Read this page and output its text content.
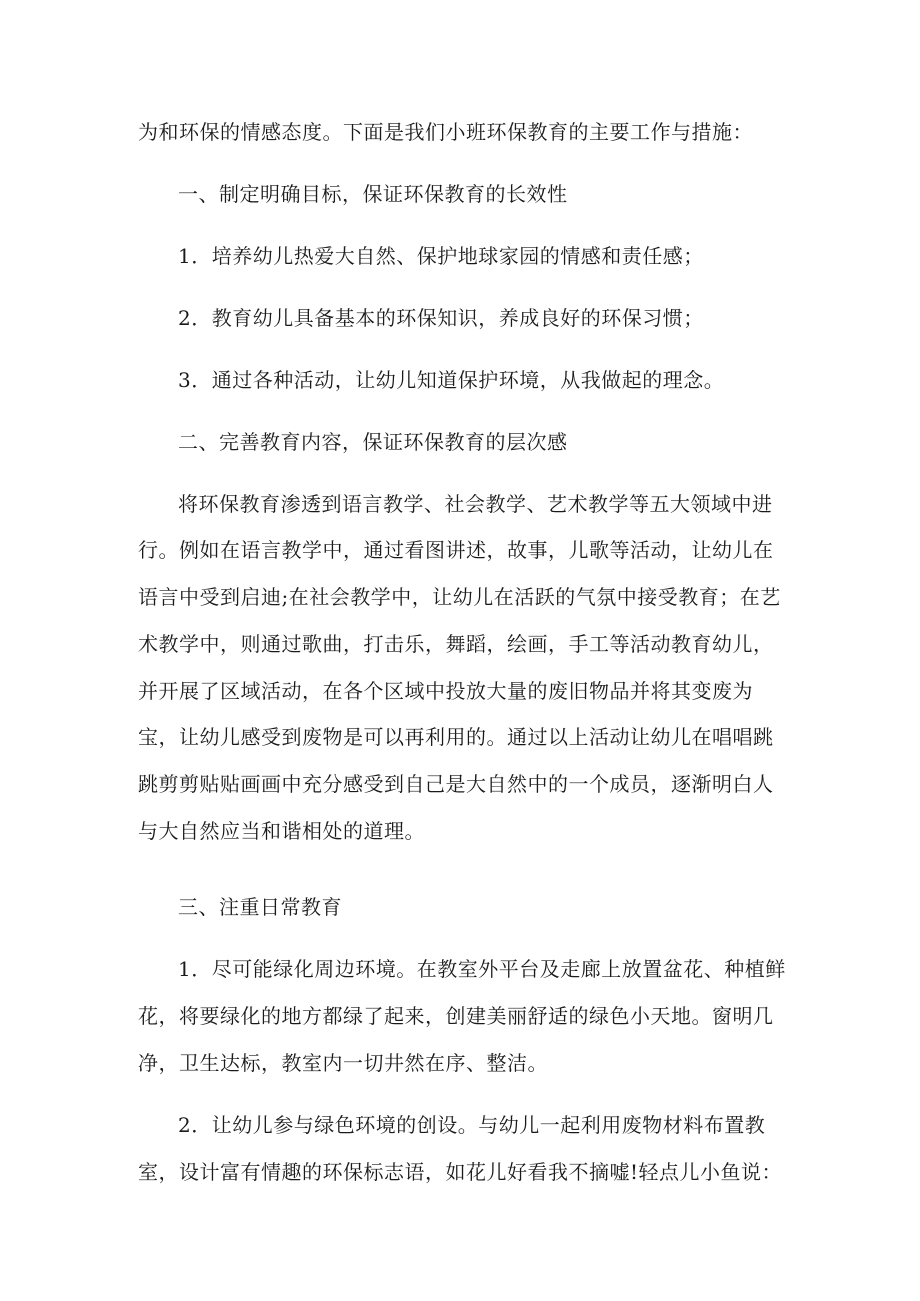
为和环保的情感态度。下面是我们小班环保教育的主要工作与措施：

一、制定明确目标，保证环保教育的长效性

1．培养幼儿热爱大自然、保护地球家园的情感和责任感；

2．教育幼儿具备基本的环保知识，养成良好的环保习惯；

3．通过各种活动，让幼儿知道保护环境，从我做起的理念。

二、完善教育内容，保证环保教育的层次感

将环保教育渗透到语言教学、社会教学、艺术教学等五大领域中进

行。例如在语言教学中，通过看图讲述，故事，儿歌等活动，让幼儿在

语言中受到启迪;在社会教学中，让幼儿在活跃的气氛中接受教育；在艺

术教学中，则通过歌曲，打击乐，舞蹈，绘画，手工等活动教育幼儿，

并开展了区域活动，在各个区域中投放大量的废旧物品并将其变废为

宝，让幼儿感受到废物是可以再利用的。通过以上活动让幼儿在唱唱跳

跳剪剪贴贴画画中充分感受到自己是大自然中的一个成员，逐渐明白人

与大自然应当和谐相处的道理。

三、注重日常教育

1．尽可能绿化周边环境。在教室外平台及走廊上放置盆花、种植鲜

花，将要绿化的地方都绿了起来，创建美丽舒适的绿色小天地。窗明几

净，卫生达标，教室内一切井然在序、整洁。

2．让幼儿参与绿色环境的创设。与幼儿一起利用废物材料布置教

室，设计富有情趣的环保标志语，如花儿好看我不摘嘘!轻点儿小鱼说：
